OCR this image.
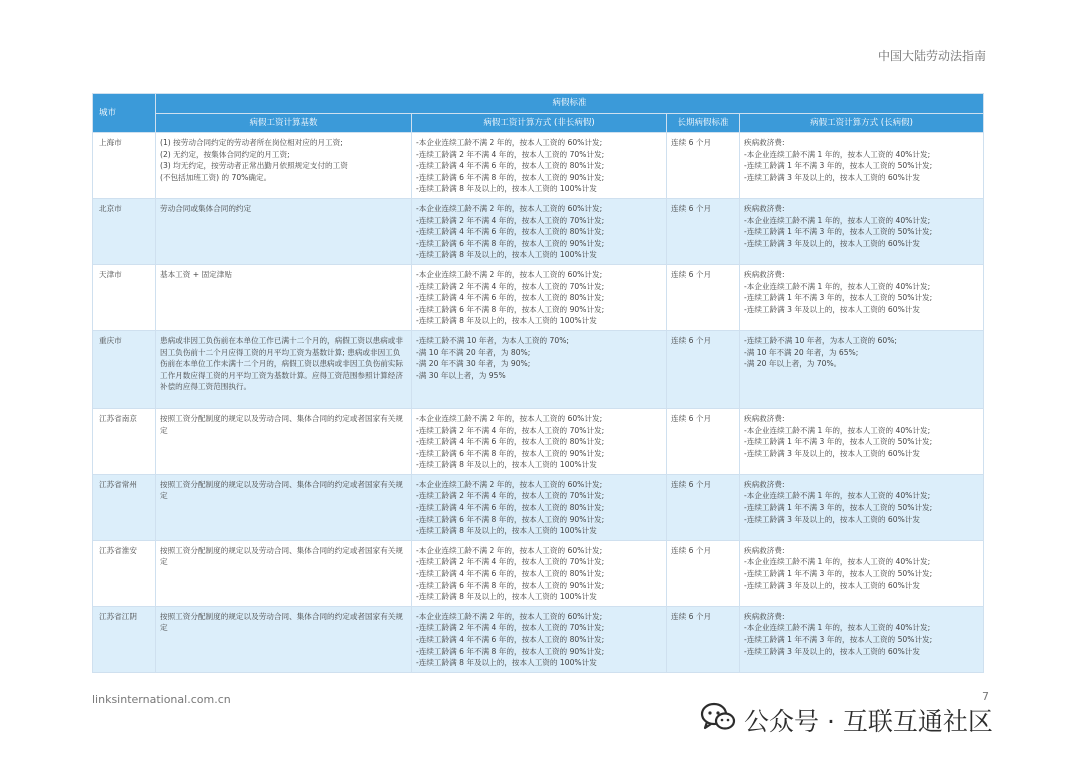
中国大陆劳动法指南
城市	病假标准			
	病假工资计算基数	病假工资计算方式 (非长病假)	长期病假标准	病假工资计算方式 (长病假)
上海市	(1) 按劳动合同约定的劳动者所在岗位相对应的月工资;
(2) 无约定，按集体合同约定的月工资;
(3) 均无约定，按劳动者正常出勤月依照规定支付的工资
(不包括加班工资) 的 70%确定。	-本企业连续工龄不满 2 年的，按本人工资的 60%计发;
-连续工龄满 2 年不满 4 年的，按本人工资的 70%计发;
-连续工龄满 4 年不满 6 年的，按本人工资的 80%计发;
-连续工龄满 6 年不满 8 年的，按本人工资的 90%计发;
-连续工龄满 8 年及以上的，按本人工资的 100%计发	连续 6 个月	疾病救济费:
-本企业连续工龄不满 1 年的，按本人工资的 40%计发;
-连续工龄满 1 年不满 3 年的，按本人工资的 50%计发;
-连续工龄满 3 年及以上的，按本人工资的 60%计发
北京市	劳动合同或集体合同的约定	-本企业连续工龄不满 2 年的，按本人工资的 60%计发;
-连续工龄满 2 年不满 4 年的，按本人工资的 70%计发;
-连续工龄满 4 年不满 6 年的，按本人工资的 80%计发;
-连续工龄满 6 年不满 8 年的，按本人工资的 90%计发;
-连续工龄满 8 年及以上的，按本人工资的 100%计发	连续 6 个月	疾病救济费:
-本企业连续工龄不满 1 年的，按本人工资的 40%计发;
-连续工龄满 1 年不满 3 年的，按本人工资的 50%计发;
-连续工龄满 3 年及以上的，按本人工资的 60%计发
天津市	基本工资 + 固定津贴	-本企业连续工龄不满 2 年的，按本人工资的 60%计发;
-连续工龄满 2 年不满 4 年的，按本人工资的 70%计发;
-连续工龄满 4 年不满 6 年的，按本人工资的 80%计发;
-连续工龄满 6 年不满 8 年的，按本人工资的 90%计发;
-连续工龄满 8 年及以上的，按本人工资的 100%计发	连续 6 个月	疾病救济费:
-本企业连续工龄不满 1 年的，按本人工资的 40%计发;
-连续工龄满 1 年不满 3 年的，按本人工资的 50%计发;
-连续工龄满 3 年及以上的，按本人工资的 60%计发
重庆市	患病或非因工负伤前在本单位工作已满十二个月的，病假工资以患病或非因工负伤前十二个月应得工资的月平均工资为基数计算; 患病或非因工负伤前在本单位工作未满十二个月的，病假工资以患病或非因工负伤前实际工作月数应得工资的月平均工资为基数计算。应得工资范围参照计算经济补偿的应得工资范围执行。	-连续工龄不满 10 年者，为本人工资的 70%;
-满 10 年不满 20 年者，为 80%;
-满 20 年不满 30 年者，为 90%;
-满 30 年以上者，为 95%	连续 6 个月	-连续工龄不满 10 年者，为本人工资的 60%;
-满 10 年不满 20 年者，为 65%;
-满 20 年以上者，为 70%。
江苏省南京	按照工资分配制度的规定以及劳动合同、集体合同的约定或者国家有关规定	-本企业连续工龄不满 2 年的，按本人工资的 60%计发;
-连续工龄满 2 年不满 4 年的，按本人工资的 70%计发;
-连续工龄满 4 年不满 6 年的，按本人工资的 80%计发;
-连续工龄满 6 年不满 8 年的，按本人工资的 90%计发;
-连续工龄满 8 年及以上的，按本人工资的 100%计发	连续 6 个月	疾病救济费:
-本企业连续工龄不满 1 年的，按本人工资的 40%计发;
-连续工龄满 1 年不满 3 年的，按本人工资的 50%计发;
-连续工龄满 3 年及以上的，按本人工资的 60%计发
江苏省常州	按照工资分配制度的规定以及劳动合同、集体合同的约定或者国家有关规定	-本企业连续工龄不满 2 年的，按本人工资的 60%计发;
-连续工龄满 2 年不满 4 年的，按本人工资的 70%计发;
-连续工龄满 4 年不满 6 年的，按本人工资的 80%计发;
-连续工龄满 6 年不满 8 年的，按本人工资的 90%计发;
-连续工龄满 8 年及以上的，按本人工资的 100%计发	连续 6 个月	疾病救济费:
-本企业连续工龄不满 1 年的，按本人工资的 40%计发;
-连续工龄满 1 年不满 3 年的，按本人工资的 50%计发;
-连续工龄满 3 年及以上的，按本人工资的 60%计发
江苏省淮安	按照工资分配制度的规定以及劳动合同、集体合同的约定或者国家有关规定	-本企业连续工龄不满 2 年的，按本人工资的 60%计发;
-连续工龄满 2 年不满 4 年的，按本人工资的 70%计发;
-连续工龄满 4 年不满 6 年的，按本人工资的 80%计发;
-连续工龄满 6 年不满 8 年的，按本人工资的 90%计发;
-连续工龄满 8 年及以上的，按本人工资的 100%计发	连续 6 个月	疾病救济费:
-本企业连续工龄不满 1 年的，按本人工资的 40%计发;
-连续工龄满 1 年不满 3 年的，按本人工资的 50%计发;
-连续工龄满 3 年及以上的，按本人工资的 60%计发
江苏省江阴	按照工资分配制度的规定以及劳动合同、集体合同的约定或者国家有关规定	-本企业连续工龄不满 2 年的，按本人工资的 60%计发;
-连续工龄满 2 年不满 4 年的，按本人工资的 70%计发;
-连续工龄满 4 年不满 6 年的，按本人工资的 80%计发;
-连续工龄满 6 年不满 8 年的，按本人工资的 90%计发;
-连续工龄满 8 年及以上的，按本人工资的 100%计发	连续 6 个月	疾病救济费:
-本企业连续工龄不满 1 年的，按本人工资的 40%计发;
-连续工龄满 1 年不满 3 年的，按本人工资的 50%计发;
-连续工龄满 3 年及以上的，按本人工资的 60%计发
linksinternational.com.cn	7
公众号 · 互联互通社区
